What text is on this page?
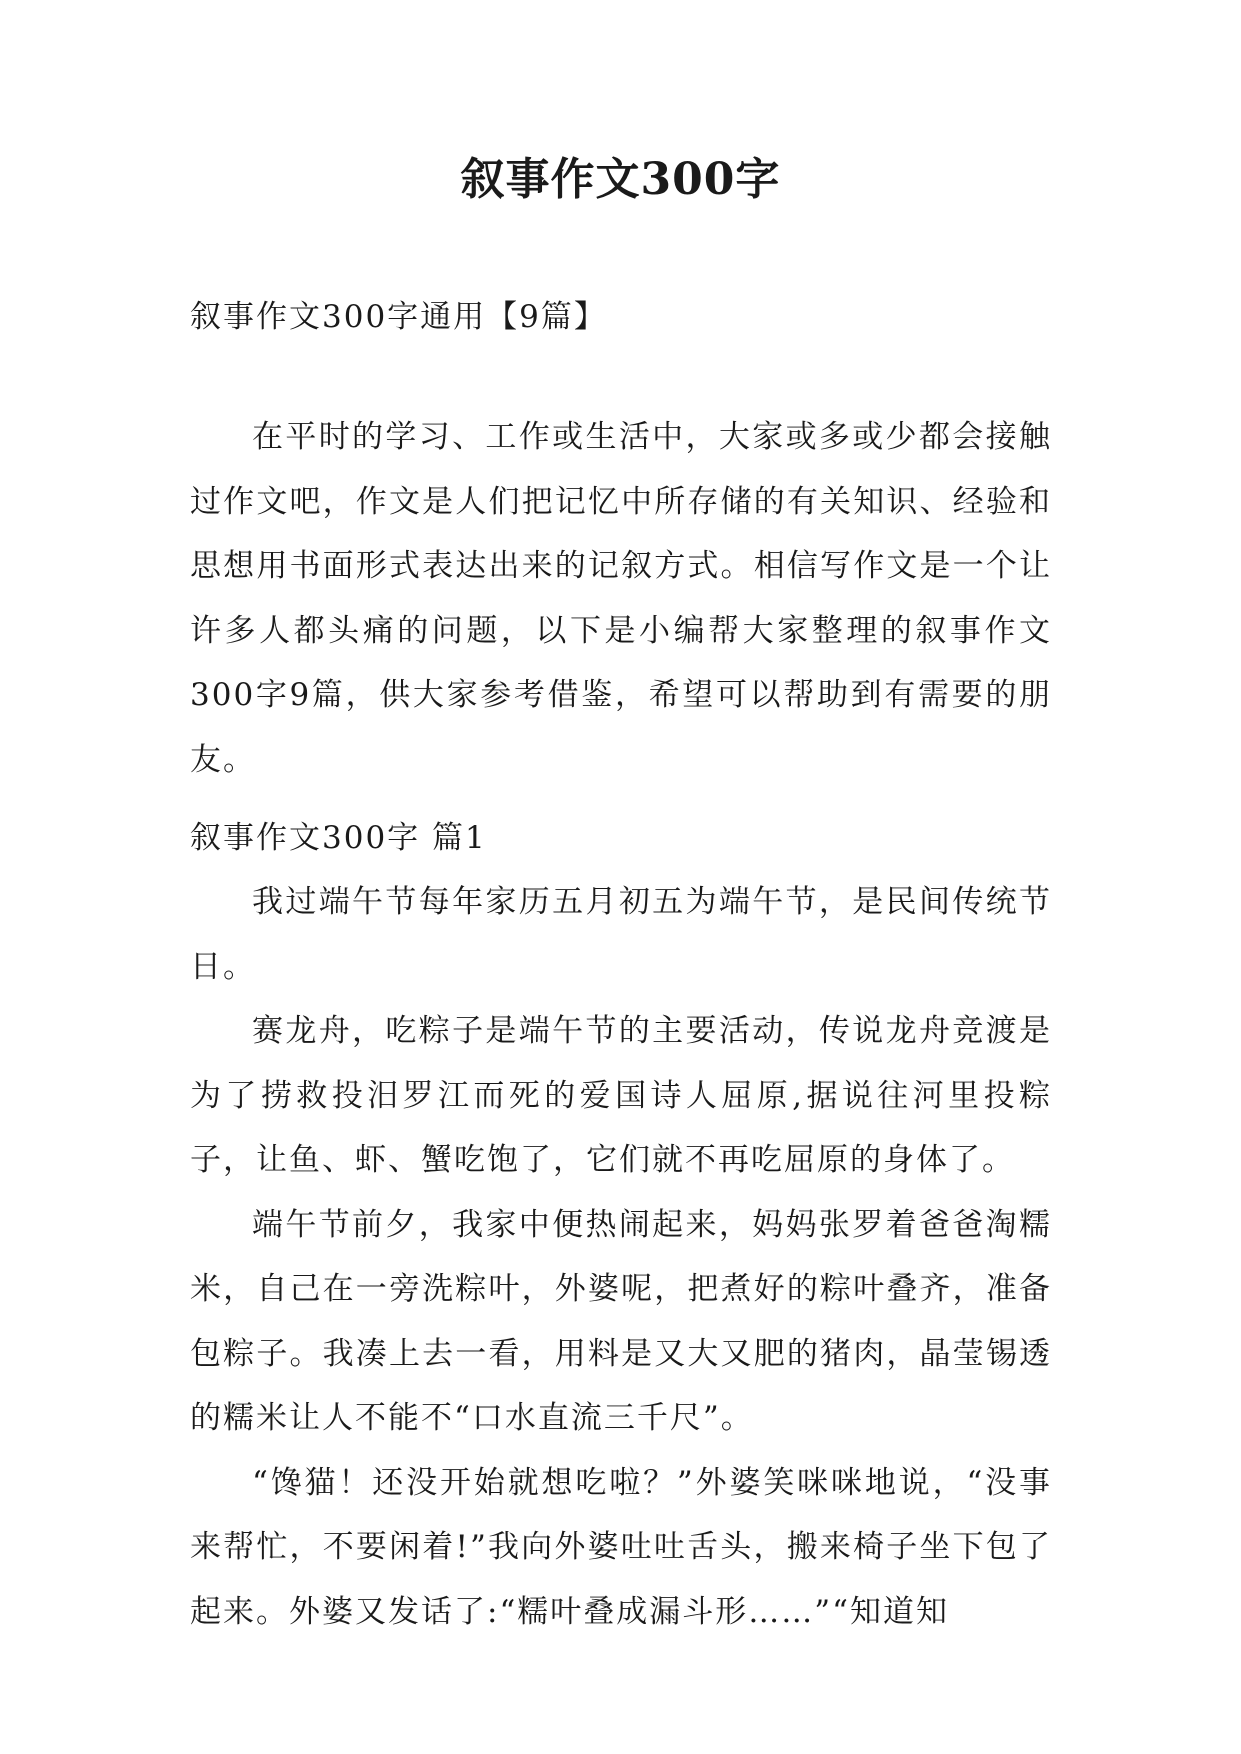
叙事作文300字
叙事作文300字通用【9篇】
在平时的学习、工作或生活中，大家或多或少都会接触过作文吧，作文是人们把记忆中所存储的有关知识、经验和思想用书面形式表达出来的记叙方式。相信写作文是一个让许多人都头痛的问题，以下是小编帮大家整理的叙事作文300字9篇，供大家参考借鉴，希望可以帮助到有需要的朋友。
叙事作文300字 篇1

我过端午节每年家历五月初五为端午节，是民间传统节日。

赛龙舟，吃粽子是端午节的主要活动，传说龙舟竞渡是为了捞救投汨罗江而死的爱国诗人屈原,据说往河里投粽子，让鱼、虾、蟹吃饱了，它们就不再吃屈原的身体了。

端午节前夕，我家中便热闹起来，妈妈张罗着爸爸淘糯米，自己在一旁洗粽叶，外婆呢，把煮好的粽叶叠齐，准备包粽子。我凑上去一看，用料是又大又肥的猪肉，晶莹锡透的糯米让人不能不“口水直流三千尺”。

“馋猫！还没开始就想吃啦？”外婆笑咪咪地说，“没事来帮忙，不要闲着!”我向外婆吐吐舌头，搬来椅子坐下包了起来。外婆又发话了:“糯叶叠成漏斗形……”“知道知
